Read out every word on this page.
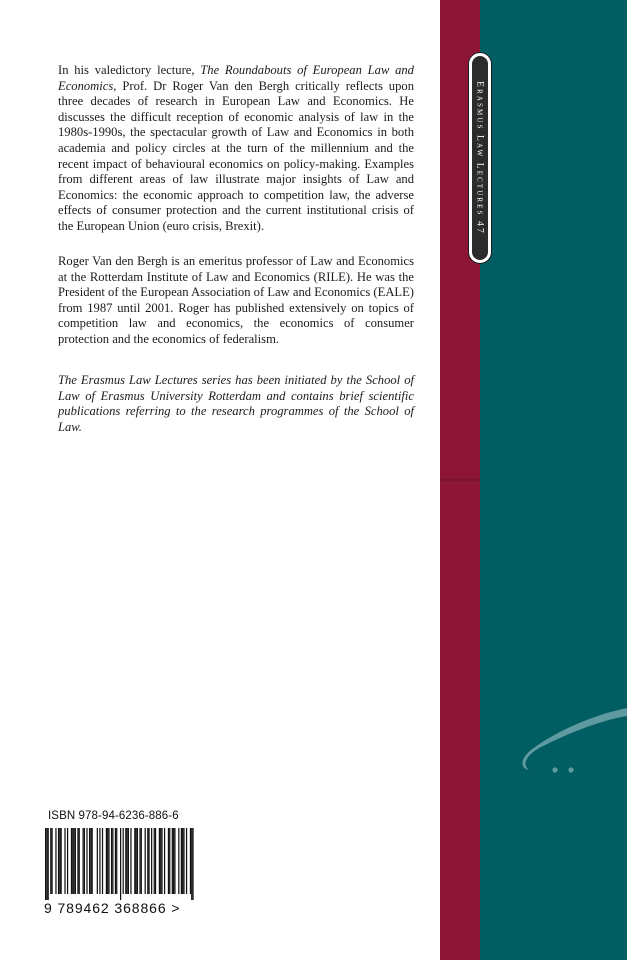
Erasmus Law Lectures 47

In his valedictory lecture, The Roundabouts of European Law and Economics, Prof. Dr Roger Van den Bergh critically reflects upon three decades of research in European Law and Economics. He discusses the difficult reception of economic analysis of law in the 1980s-1990s, the spectacular growth of Law and Economics in both academia and policy circles at the turn of the millennium and the recent impact of behavioural economics on policy-making. Examples from different areas of law illustrate major insights of Law and Economics: the economic approach to competition law, the adverse effects of consumer protection and the current institutional crisis of the European Union (euro crisis, Brexit).

Roger Van den Bergh is an emeritus professor of Law and Economics at the Rotterdam Institute of Law and Economics (RILE). He was the President of the European Association of Law and Economics (EALE) from 1987 until 2001. Roger has published extensively on topics of competition law and economics, the economics of consumer protection and the economics of federalism.

The Erasmus Law Lectures series has been initiated by the School of Law of Erasmus University Rotterdam and contains brief scientific publications referring to the research programmes of the School of Law.

ISBN 978-94-6236-886-6
9 789462 368866 >
